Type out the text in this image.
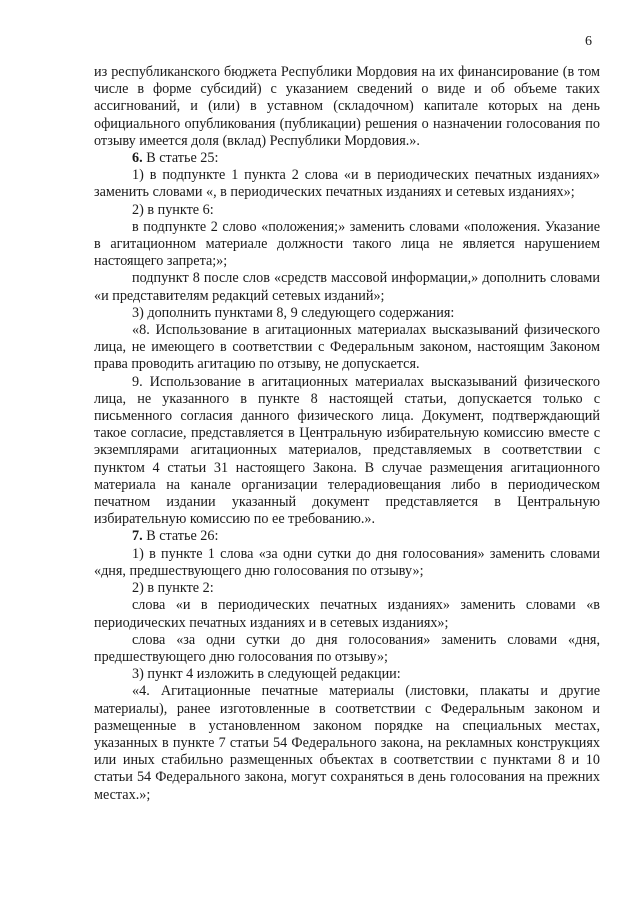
6

из республиканского бюджета Республики Мордовия на их финансирование (в том числе в форме субсидий) с указанием сведений о виде и об объеме таких ассигнований, и (или) в уставном (складочном) капитале которых на день официального опубликования (публикации) решения о назначении голосования по отзыву имеется доля (вклад) Республики Мордовия.».

6. В статье 25:

1) в подпункте 1 пункта 2 слова «и в периодических печатных изданиях» заменить словами «, в периодических печатных изданиях и сетевых изданиях»;

2) в пункте 6:

в подпункте 2 слово «положения;» заменить словами «положения. Указание в агитационном материале должности такого лица не является нарушением настоящего запрета;»;

подпункт 8 после слов «средств массовой информации,» дополнить словами «и представителям редакций сетевых изданий»;

3) дополнить пунктами 8, 9 следующего содержания:

«8. Использование в агитационных материалах высказываний физического лица, не имеющего в соответствии с Федеральным законом, настоящим Законом права проводить агитацию по отзыву, не допускается.

9. Использование в агитационных материалах высказываний физического лица, не указанного в пункте 8 настоящей статьи, допускается только с письменного согласия данного физического лица. Документ, подтверждающий такое согласие, представляется в Центральную избирательную комиссию вместе с экземплярами агитационных материалов, представляемых в соответствии с пунктом 4 статьи 31 настоящего Закона. В случае размещения агитационного материала на канале организации телерадиовещания либо в периодическом печатном издании указанный документ представляется в Центральную избирательную комиссию по ее требованию.».

7. В статье 26:

1) в пункте 1 слова «за одни сутки до дня голосования» заменить словами «дня, предшествующего дню голосования по отзыву»;

2) в пункте 2:

слова «и в периодических печатных изданиях» заменить словами «в периодических печатных изданиях и в сетевых изданиях»;

слова «за одни сутки до дня голосования» заменить словами «дня, предшествующего дню голосования по отзыву»;

3) пункт 4 изложить в следующей редакции:

«4. Агитационные печатные материалы (листовки, плакаты и другие материалы), ранее изготовленные в соответствии с Федеральным законом и размещенные в установленном законом порядке на специальных местах, указанных в пункте 7 статьи 54 Федерального закона, на рекламных конструкциях или иных стабильно размещенных объектах в соответствии с пунктами 8 и 10 статьи 54 Федерального закона, могут сохраняться в день голосования на прежних местах.»;
